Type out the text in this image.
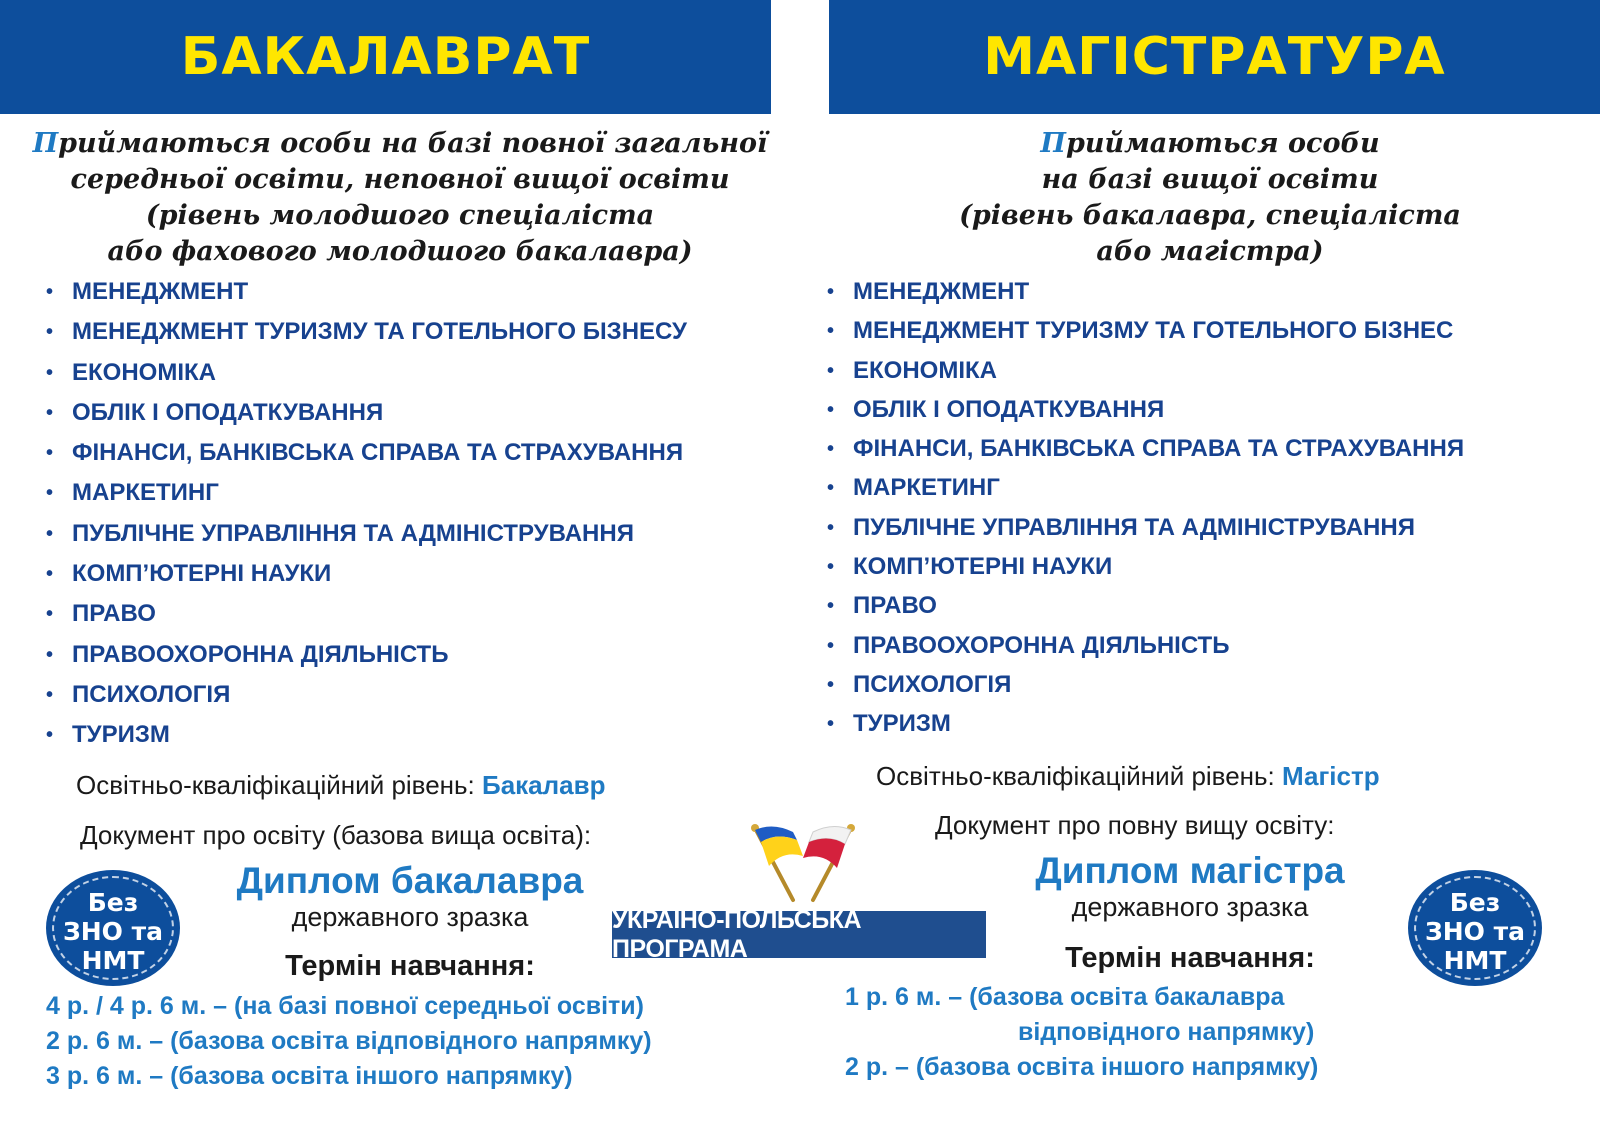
БАКАЛАВРАТ
Приймаються особи на базі повної загальної
середньої освіти, неповної вищої освіти
(рівень молодшого спеціаліста
або фахового молодшого бакалавра)
• МЕНЕДЖМЕНТ
• МЕНЕДЖМЕНТ ТУРИЗМУ ТА ГОТЕЛЬНОГО БІЗНЕСУ
• ЕКОНОМІКА
• ОБЛІК І ОПОДАТКУВАННЯ
• ФІНАНСИ, БАНКІВСЬКА СПРАВА ТА СТРАХУВАННЯ
• МАРКЕТИНГ
• ПУБЛІЧНЕ УПРАВЛІННЯ ТА АДМІНІСТРУВАННЯ
• КОМП’ЮТЕРНІ НАУКИ
• ПРАВО
• ПРАВООХОРОННА ДІЯЛЬНІСТЬ
• ПСИХОЛОГІЯ
• ТУРИЗМ
Освітньо-кваліфікаційний рівень: Бакалавр
Документ про освіту (базова вища освіта):
Диплом бакалавра
державного зразка
Термін навчання:
4 р. / 4 р. 6 м. – (на базі повної середньої освіти)
2 р. 6 м. – (базова освіта відповідного напрямку)
3 р. 6 м. – (базова освіта іншого напрямку)
Без
ЗНО та
НМТ
УКРАЇНО-ПОЛЬСЬКА ПРОГРАМА
МАГІСТРАТУРА
Приймаються особи
на базі вищої освіти
(рівень бакалавра, спеціаліста
або магістра)
• МЕНЕДЖМЕНТ
• МЕНЕДЖМЕНТ ТУРИЗМУ ТА ГОТЕЛЬНОГО БІЗНЕС
• ЕКОНОМІКА
• ОБЛІК І ОПОДАТКУВАННЯ
• ФІНАНСИ, БАНКІВСЬКА СПРАВА ТА СТРАХУВАННЯ
• МАРКЕТИНГ
• ПУБЛІЧНЕ УПРАВЛІННЯ ТА АДМІНІСТРУВАННЯ
• КОМП’ЮТЕРНІ НАУКИ
• ПРАВО
• ПРАВООХОРОННА ДІЯЛЬНІСТЬ
• ПСИХОЛОГІЯ
• ТУРИЗМ
Освітньо-кваліфікаційний рівень: Магістр
Документ про повну вищу освіту:
Диплом магістра
державного зразка
Термін навчання:
1 р. 6 м. – (базова освіта бакалавра
відповідного напрямку)
2 р. – (базова освіта іншого напрямку)
Без
ЗНО та
НМТ
